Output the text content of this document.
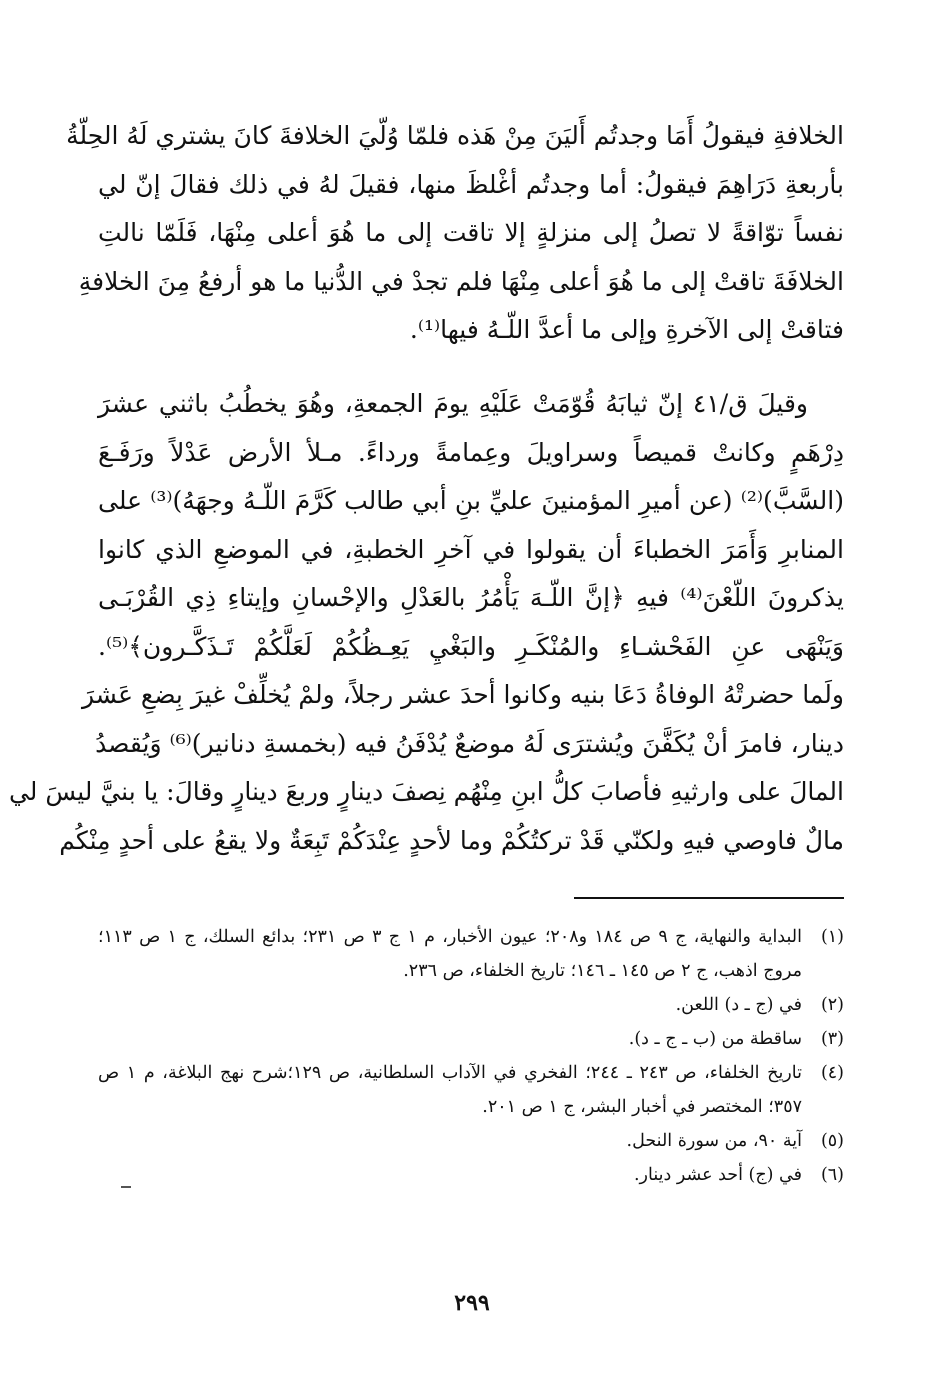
الخلافةِ فيقولُ أَمَا وجدتُم أَليَنَ مِنْ هَذه فلمّا وُلّيَ الخلافةَ كانَ يشتري لَهُ الحِلّةُ
بأربعةِ دَرَاهِمَ فيقولُ: أما وجدتُم أغْلظَ منها، فقيلَ لهُ في ذلك فقالَ إنّ لي
نفساً توّاقةً لا تصلُ إلى منزلةٍ إلا تاقت إلى ما هُوَ أعلى مِنْهَا، فَلَمّا نالتِ
الخلافَةَ تاقتْ إلى ما هُوَ أعلى مِنْهَا فلم تجدْ في الدُّنيا ما هو أرفعُ مِنَ الخلافةِ
فتاقتْ إلى الآخرةِ وإلى ما أعدَّ اللّـهُ فيها⁽¹⁾.
وقيلَ ق/٤١ إنّ ثيابَهُ قُوّمَتْ عَلَيْهِ يومَ الجمعةِ، وهُوَ يخطُبُ باثني عشرَ
دِرْهَمٍ وكانتْ قميصاً وسراويلَ وعِمامةً ورداءً. مـلأ الأرض عَدْلاً ورَفَـعَ
(السَّبَّ)⁽²⁾ (عن أميرِ المؤمنينَ عليِّ بنِ أبي طالب كَرَّمَ اللّـهُ وجهَهُ)⁽³⁾ على
المنابرِ وَأَمَرَ الخطباءَ أن يقولوا في آخرِ الخطبةِ، في الموضعِ الذي كانوا
يذكرونَ اللّعْنَ⁽⁴⁾ فيهِ ﴿إنَّ اللّـهَ يَأْمُرُ بالعَدْلِ والإحْسانِ وإيتاءِ ذِي القُرْبَـى
وَيَنْهَى عنِ الفَحْشـاءِ والمُنْكَـرِ والبَغْيِ يَعِـظُكُمْ لَعَلَّكُمْ تَـذَكَّـرون﴾⁽⁵⁾.
ولَما حضرتْهُ الوفاةُ دَعَا بنيه وكانوا أحدَ عشر رجلاً، ولمْ يُخلِّفْ غيرَ بِضعِ عَشرَ
دينار، فامرَ أنْ يُكَفَّنَ ويُشترَى لَهُ موضعٌ يُدْفَنُ فيه (بخمسةِ دنانير)⁽⁶⁾ وَيُقصدُ
المالَ على وارثيهِ فأصابَ كلُّ ابنِ مِنْهُم نِصفَ دينارٍ وربعَ دينارٍ وقالَ: يا بنيَّ ليسَ لي
مالٌ فاوصي فيهِ ولكنّي قَدْ تركتُكُمْ وما لأحدٍ عِنْدَكُمْ تَبِعَةٌ ولا يقعُ على أحدٍ مِنْكُم
(١)
البداية والنهاية، ج ٩ ص ١٨٤ و٢٠٨؛ عيون الأخبار، م ١ ج ٣ ص ٢٣١؛ بدائع السلك، ج ١ ص ١١٣؛ مروج اذهب، ج ٢ ص ١٤٥ ـ ١٤٦؛ تاريخ الخلفاء، ص ٢٣٦.
(٢)
في (ج ـ د) اللعن.
(٣)
ساقطة من (ب ـ ج ـ د).
(٤)
تاريخ الخلفاء، ص ٢٤٣ ـ ٢٤٤؛ الفخري في الآداب السلطانية، ص ١٢٩؛شرح نهج البلاغة، م ١ ص ٣٥٧؛ المختصر في أخبار البشر، ج ١ ص ٢٠١.
(٥)
آية ٩٠، من سورة النحل.
(٦)
في (ج) أحد عشر دينار.
٢٩٩
